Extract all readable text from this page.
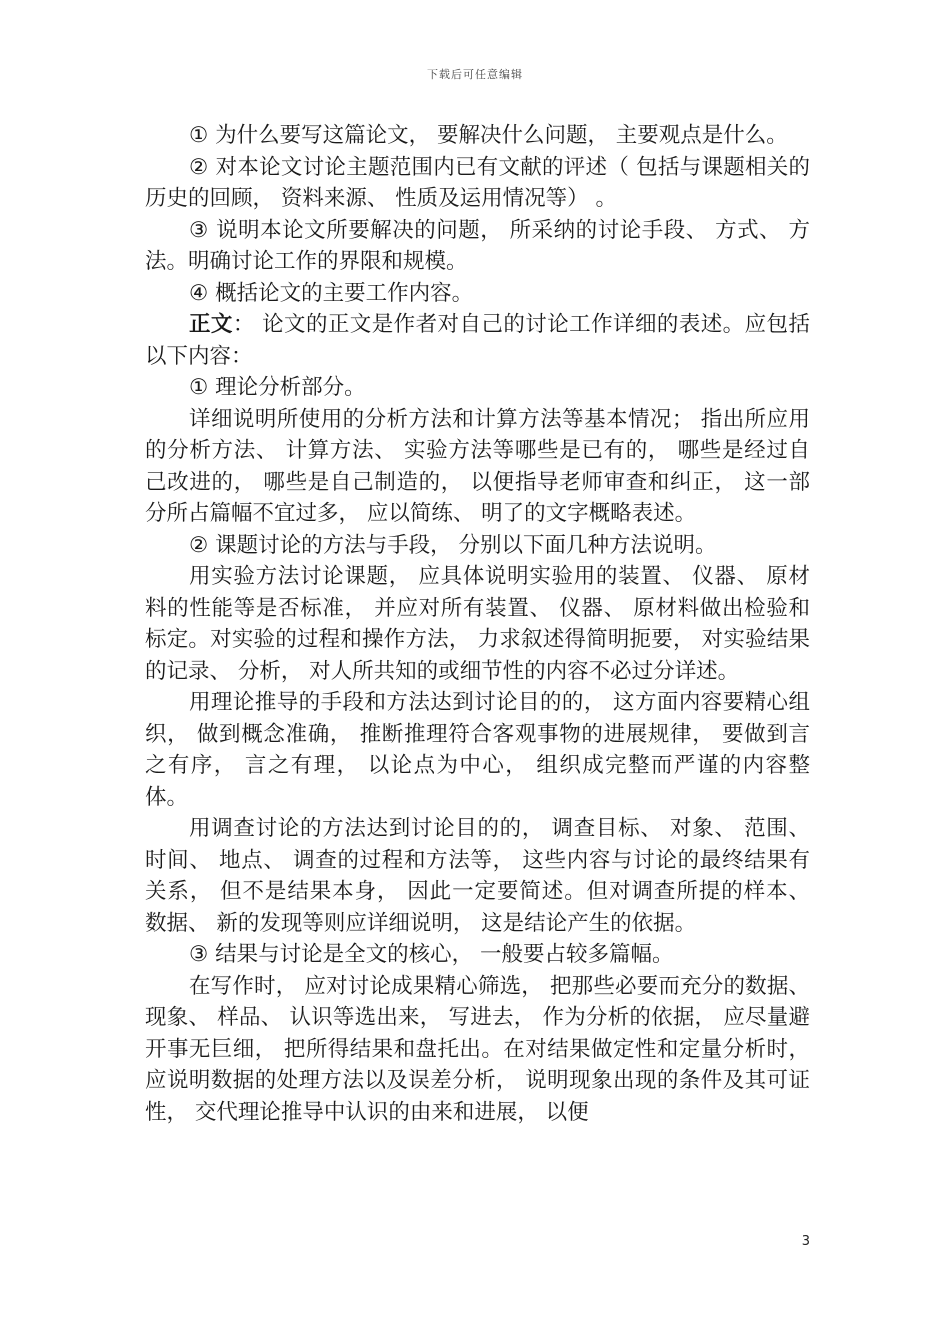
下载后可任意编辑

① 为什么要写这篇论文， 要解决什么问题， 主要观点是什么。

② 对本论文讨论主题范围内已有文献的评述（ 包括与课题相关的历史的回顾， 资料来源、 性质及运用情况等） 。

③ 说明本论文所要解决的问题， 所采纳的讨论手段、 方式、 方法。明确讨论工作的界限和规模。

④ 概括论文的主要工作内容。

正文： 论文的正文是作者对自己的讨论工作详细的表述。应包括以下内容：

① 理论分析部分。

详细说明所使用的分析方法和计算方法等基本情况； 指出所应用的分析方法、 计算方法、 实验方法等哪些是已有的， 哪些是经过自己改进的， 哪些是自己制造的， 以便指导老师审查和纠正， 这一部分所占篇幅不宜过多， 应以简练、 明了的文字概略表述。

② 课题讨论的方法与手段， 分别以下面几种方法说明。

用实验方法讨论课题， 应具体说明实验用的装置、 仪器、 原材料的性能等是否标准， 并应对所有装置、 仪器、 原材料做出检验和标定。对实验的过程和操作方法， 力求叙述得简明扼要， 对实验结果的记录、 分析， 对人所共知的或细节性的内容不必过分详述。

用理论推导的手段和方法达到讨论目的的， 这方面内容要精心组织， 做到概念准确， 推断推理符合客观事物的进展规律， 要做到言之有序， 言之有理， 以论点为中心， 组织成完整而严谨的内容整体。

用调查讨论的方法达到讨论目的的， 调查目标、 对象、 范围、 时间、 地点、 调查的过程和方法等， 这些内容与讨论的最终结果有关系， 但不是结果本身， 因此一定要简述。但对调查所提的样本、 数据、 新的发现等则应详细说明， 这是结论产生的依据。

③ 结果与讨论是全文的核心， 一般要占较多篇幅。

在写作时， 应对讨论成果精心筛选， 把那些必要而充分的数据、 现象、 样品、 认识等选出来， 写进去， 作为分析的依据， 应尽量避开事无巨细， 把所得结果和盘托出。在对结果做定性和定量分析时， 应说明数据的处理方法以及误差分析， 说明现象出现的条件及其可证性， 交代理论推导中认识的由来和进展， 以便

3
